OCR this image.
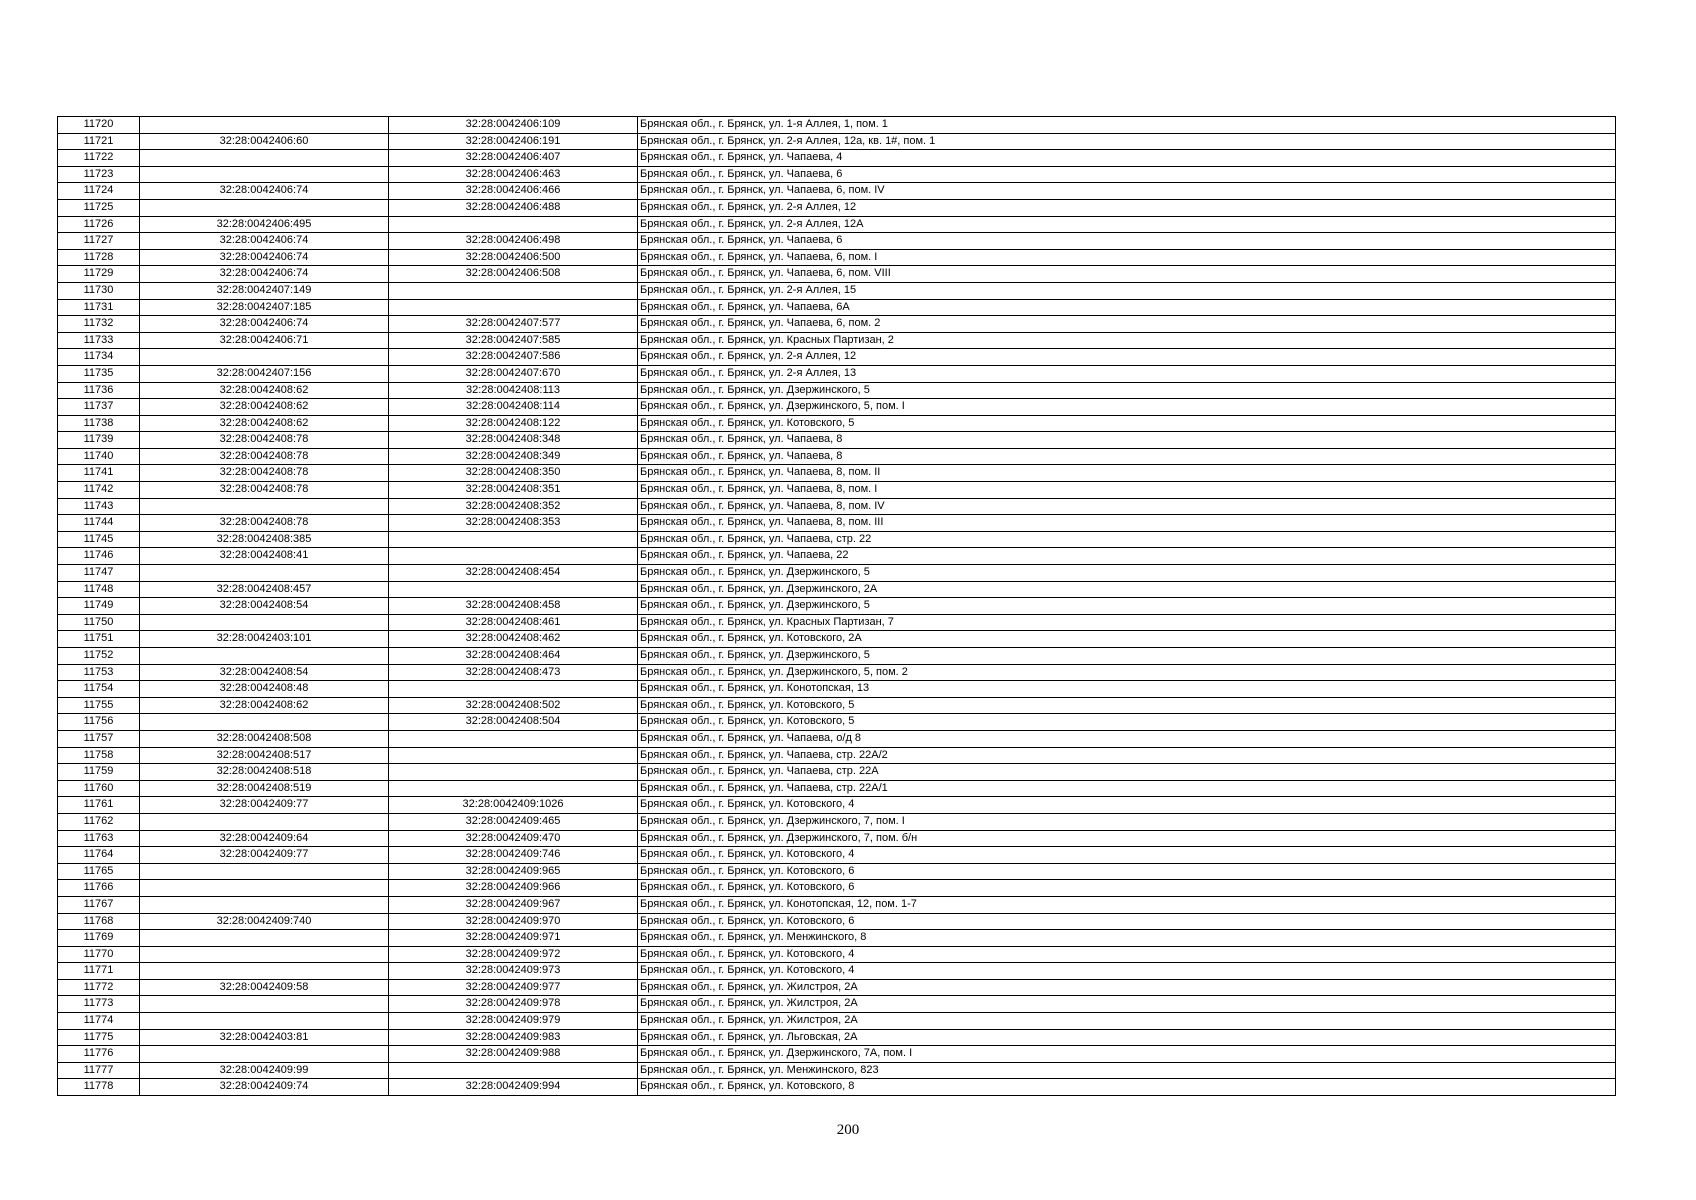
11720		32:28:0042406:109	Брянская обл., г. Брянск, ул. 1-я Аллея, 1, пом. 1
11721	32:28:0042406:60	32:28:0042406:191	Брянская обл., г. Брянск, ул. 2-я Аллея, 12а, кв. 1#, пом. 1
11722		32:28:0042406:407	Брянская обл., г. Брянск, ул. Чапаева, 4
11723		32:28:0042406:463	Брянская обл., г. Брянск, ул. Чапаева, 6
11724	32:28:0042406:74	32:28:0042406:466	Брянская обл., г. Брянск, ул. Чапаева, 6, пом. IV
11725		32:28:0042406:488	Брянская обл., г. Брянск, ул. 2-я Аллея, 12
11726	32:28:0042406:495		Брянская обл., г. Брянск, ул. 2-я Аллея, 12А
11727	32:28:0042406:74	32:28:0042406:498	Брянская обл., г. Брянск, ул. Чапаева, 6
11728	32:28:0042406:74	32:28:0042406:500	Брянская обл., г. Брянск, ул. Чапаева, 6, пом. I
11729	32:28:0042406:74	32:28:0042406:508	Брянская обл., г. Брянск, ул. Чапаева, 6, пом. VIII
11730	32:28:0042407:149		Брянская обл., г. Брянск, ул. 2-я Аллея, 15
11731	32:28:0042407:185		Брянская обл., г. Брянск, ул. Чапаева, 6А
11732	32:28:0042406:74	32:28:0042407:577	Брянская обл., г. Брянск, ул. Чапаева, 6, пом. 2
11733	32:28:0042406:71	32:28:0042407:585	Брянская обл., г. Брянск, ул. Красных Партизан, 2
11734		32:28:0042407:586	Брянская обл., г. Брянск, ул. 2-я Аллея, 12
11735	32:28:0042407:156	32:28:0042407:670	Брянская обл., г. Брянск, ул. 2-я Аллея, 13
11736	32:28:0042408:62	32:28:0042408:113	Брянская обл., г. Брянск, ул. Дзержинского, 5
11737	32:28:0042408:62	32:28:0042408:114	Брянская обл., г. Брянск, ул. Дзержинского, 5, пом. I
11738	32:28:0042408:62	32:28:0042408:122	Брянская обл., г. Брянск, ул. Котовского, 5
11739	32:28:0042408:78	32:28:0042408:348	Брянская обл., г. Брянск, ул. Чапаева, 8
11740	32:28:0042408:78	32:28:0042408:349	Брянская обл., г. Брянск, ул. Чапаева, 8
11741	32:28:0042408:78	32:28:0042408:350	Брянская обл., г. Брянск, ул. Чапаева, 8, пом. II
11742	32:28:0042408:78	32:28:0042408:351	Брянская обл., г. Брянск, ул. Чапаева, 8, пом. I
11743		32:28:0042408:352	Брянская обл., г. Брянск, ул. Чапаева, 8, пом. IV
11744	32:28:0042408:78	32:28:0042408:353	Брянская обл., г. Брянск, ул. Чапаева, 8, пом. III
11745	32:28:0042408:385		Брянская обл., г. Брянск, ул. Чапаева, стр. 22
11746	32:28:0042408:41		Брянская обл., г. Брянск, ул. Чапаева, 22
11747		32:28:0042408:454	Брянская обл., г. Брянск, ул. Дзержинского, 5
11748	32:28:0042408:457		Брянская обл., г. Брянск, ул. Дзержинского, 2А
11749	32:28:0042408:54	32:28:0042408:458	Брянская обл., г. Брянск, ул. Дзержинского, 5
11750		32:28:0042408:461	Брянская обл., г. Брянск, ул. Красных Партизан, 7
11751	32:28:0042403:101	32:28:0042408:462	Брянская обл., г. Брянск, ул. Котовского, 2А
11752		32:28:0042408:464	Брянская обл., г. Брянск, ул. Дзержинского, 5
11753	32:28:0042408:54	32:28:0042408:473	Брянская обл., г. Брянск, ул. Дзержинского, 5, пом. 2
11754	32:28:0042408:48		Брянская обл., г. Брянск, ул. Конотопская, 13
11755	32:28:0042408:62	32:28:0042408:502	Брянская обл., г. Брянск, ул. Котовского, 5
11756		32:28:0042408:504	Брянская обл., г. Брянск, ул. Котовского, 5
11757	32:28:0042408:508		Брянская обл., г. Брянск, ул. Чапаева, о/д 8
11758	32:28:0042408:517		Брянская обл., г. Брянск, ул. Чапаева, стр. 22А/2
11759	32:28:0042408:518		Брянская обл., г. Брянск, ул. Чапаева, стр. 22А
11760	32:28:0042408:519		Брянская обл., г. Брянск, ул. Чапаева, стр. 22А/1
11761	32:28:0042409:77	32:28:0042409:1026	Брянская обл., г. Брянск, ул. Котовского, 4
11762		32:28:0042409:465	Брянская обл., г. Брянск, ул. Дзержинского, 7, пом. I
11763	32:28:0042409:64	32:28:0042409:470	Брянская обл., г. Брянск, ул. Дзержинского, 7, пом. б/н
11764	32:28:0042409:77	32:28:0042409:746	Брянская обл., г. Брянск, ул. Котовского, 4
11765		32:28:0042409:965	Брянская обл., г. Брянск, ул. Котовского, 6
11766		32:28:0042409:966	Брянская обл., г. Брянск, ул. Котовского, 6
11767		32:28:0042409:967	Брянская обл., г. Брянск, ул. Конотопская, 12, пом. 1-7
11768	32:28:0042409:740	32:28:0042409:970	Брянская обл., г. Брянск, ул. Котовского, 6
11769		32:28:0042409:971	Брянская обл., г. Брянск, ул. Менжинского, 8
11770		32:28:0042409:972	Брянская обл., г. Брянск, ул. Котовского, 4
11771		32:28:0042409:973	Брянская обл., г. Брянск, ул. Котовского, 4
11772	32:28:0042409:58	32:28:0042409:977	Брянская обл., г. Брянск, ул. Жилстроя, 2А
11773		32:28:0042409:978	Брянская обл., г. Брянск, ул. Жилстроя, 2А
11774		32:28:0042409:979	Брянская обл., г. Брянск, ул. Жилстроя, 2А
11775	32:28:0042403:81	32:28:0042409:983	Брянская обл., г. Брянск, ул. Льговская, 2А
11776		32:28:0042409:988	Брянская обл., г. Брянск, ул. Дзержинского, 7А, пом. I
11777	32:28:0042409:99		Брянская обл., г. Брянск, ул. Менжинского, 823
11778	32:28:0042409:74	32:28:0042409:994	Брянская обл., г. Брянск, ул. Котовского, 8
200
